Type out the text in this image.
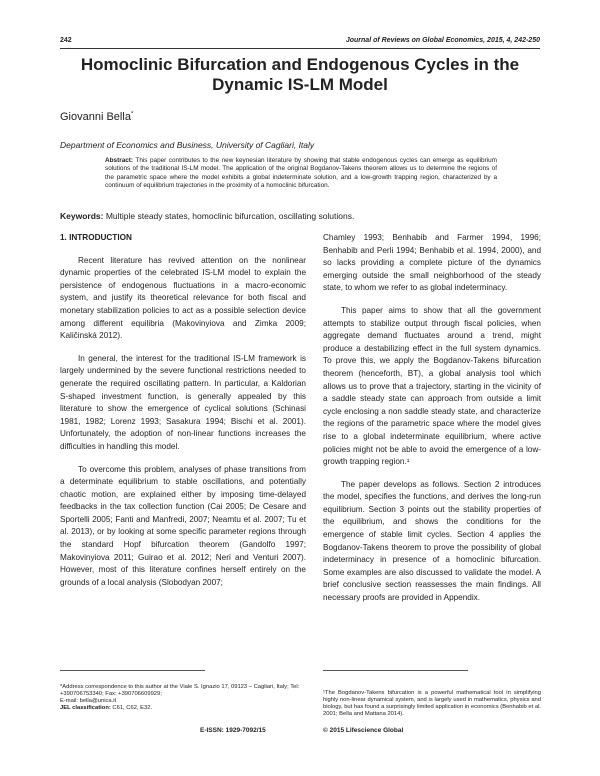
242	Journal of Reviews on Global Economics, 2015, 4, 242-250
Homoclinic Bifurcation and Endogenous Cycles in the Dynamic IS-LM Model
Giovanni Bella*
Department of Economics and Business, University of Cagliari, Italy
Abstract: This paper contributes to the new keynesian literature by showing that stable endogenous cycles can emerge as equilibrium solutions of the traditional IS-LM model. The application of the original Bogdanov-Takens theorem allows us to determine the regions of the parametric space where the model exhibits a global indeterminate solution, and a low-growth trapping region, characterized by a continuum of equilibrium trajectories in the proximity of a homoclinic bifurcation.
Keywords: Multiple steady states, homoclinic bifurcation, oscillating solutions.
1. INTRODUCTION

Recent literature has revived attention on the nonlinear dynamic properties of the celebrated IS-LM model to explain the persistence of endogenous fluctuations in a macro-economic system, and justify its theoretical relevance for both fiscal and monetary stabilization policies to act as a possible selection device among different equilibria (Makovinyiova and Zimka 2009; Kaličinská 2012).

In general, the interest for the traditional IS-LM framework is largely undermined by the severe functional restrictions needed to generate the required oscillating pattern. In particular, a Kaldorian S-shaped investment function, is generally appealed by this literature to show the emergence of cyclical solutions (Schinasi 1981, 1982; Lorenz 1993; Sasakura 1994; Bischi et al. 2001). Unfortunately, the adoption of non-linear functions increases the difficulties in handling this model.

To overcome this problem, analyses of phase transitions from a determinate equilibrium to stable oscillations, and potentially chaotic motion, are explained either by imposing time-delayed feedbacks in the tax collection function (Cai 2005; De Cesare and Sportelli 2005; Fanti and Manfredi, 2007; Neamtu et al. 2007; Tu et al. 2013), or by looking at some specific parameter regions through the standard Hopf bifurcation theorem (Gandolfo 1997; Makovinyiova 2011; Guirao et al. 2012; Neri and Venturi 2007). However, most of this literature confines herself entirely on the grounds of a local analysis (Slobodyan 2007;

Chamley 1993; Benhabib and Farmer 1994, 1996; Benhabib and Perli 1994; Benhabib et al. 1994, 2000), and so lacks providing a complete picture of the dynamics emerging outside the small neighborhood of the steady state, to whom we refer to as global indeterminacy.

This paper aims to show that all the government attempts to stabilize output through fiscal policies, when aggregate demand fluctuates around a trend, might produce a destabilizing effect in the full system dynamics. To prove this, we apply the Bogdanov-Takens bifurcation theorem (henceforth, BT), a global analysis tool which allows us to prove that a trajectory, starting in the vicinity of a saddle steady state can approach from outside a limit cycle enclosing a non saddle steady state, and characterize the regions of the parametric space where the model gives rise to a global indeterminate equilibrium, where active policies might not be able to avoid the emergence of a low-growth trapping region.¹

The paper develops as follows. Section 2 introduces the model, specifies the functions, and derives the long-run equilibrium. Section 3 points out the stability properties of the equilibrium, and shows the conditions for the emergence of stable limit cycles. Section 4 applies the Bogdanov-Takens theorem to prove the possibility of global indeterminacy in presence of a homoclinic bifurcation. Some examples are also discussed to validate the model. A brief conclusive section reassesses the main findings. All necessary proofs are provided in Appendix.

*Address correspondence to this author at the Viale S. Ignazio 17, 09123 – Cagliari, Italy; Tel: +390706753340; Fax: +390706609929;
E-mail: bella@unica.it
JEL classification: C61, C62, E32.
¹The Bogdanov-Takens bifurcation is a powerful mathematical tool in simplifying highly non-linear dynamical system, and is largely used in mathematics, physics and biology, but has found a surprisingly limited application in economics (Benhabib et al. 2001; Bella and Mattana 2014).
E-ISSN: 1929-7092/15	© 2015 Lifescience Global
